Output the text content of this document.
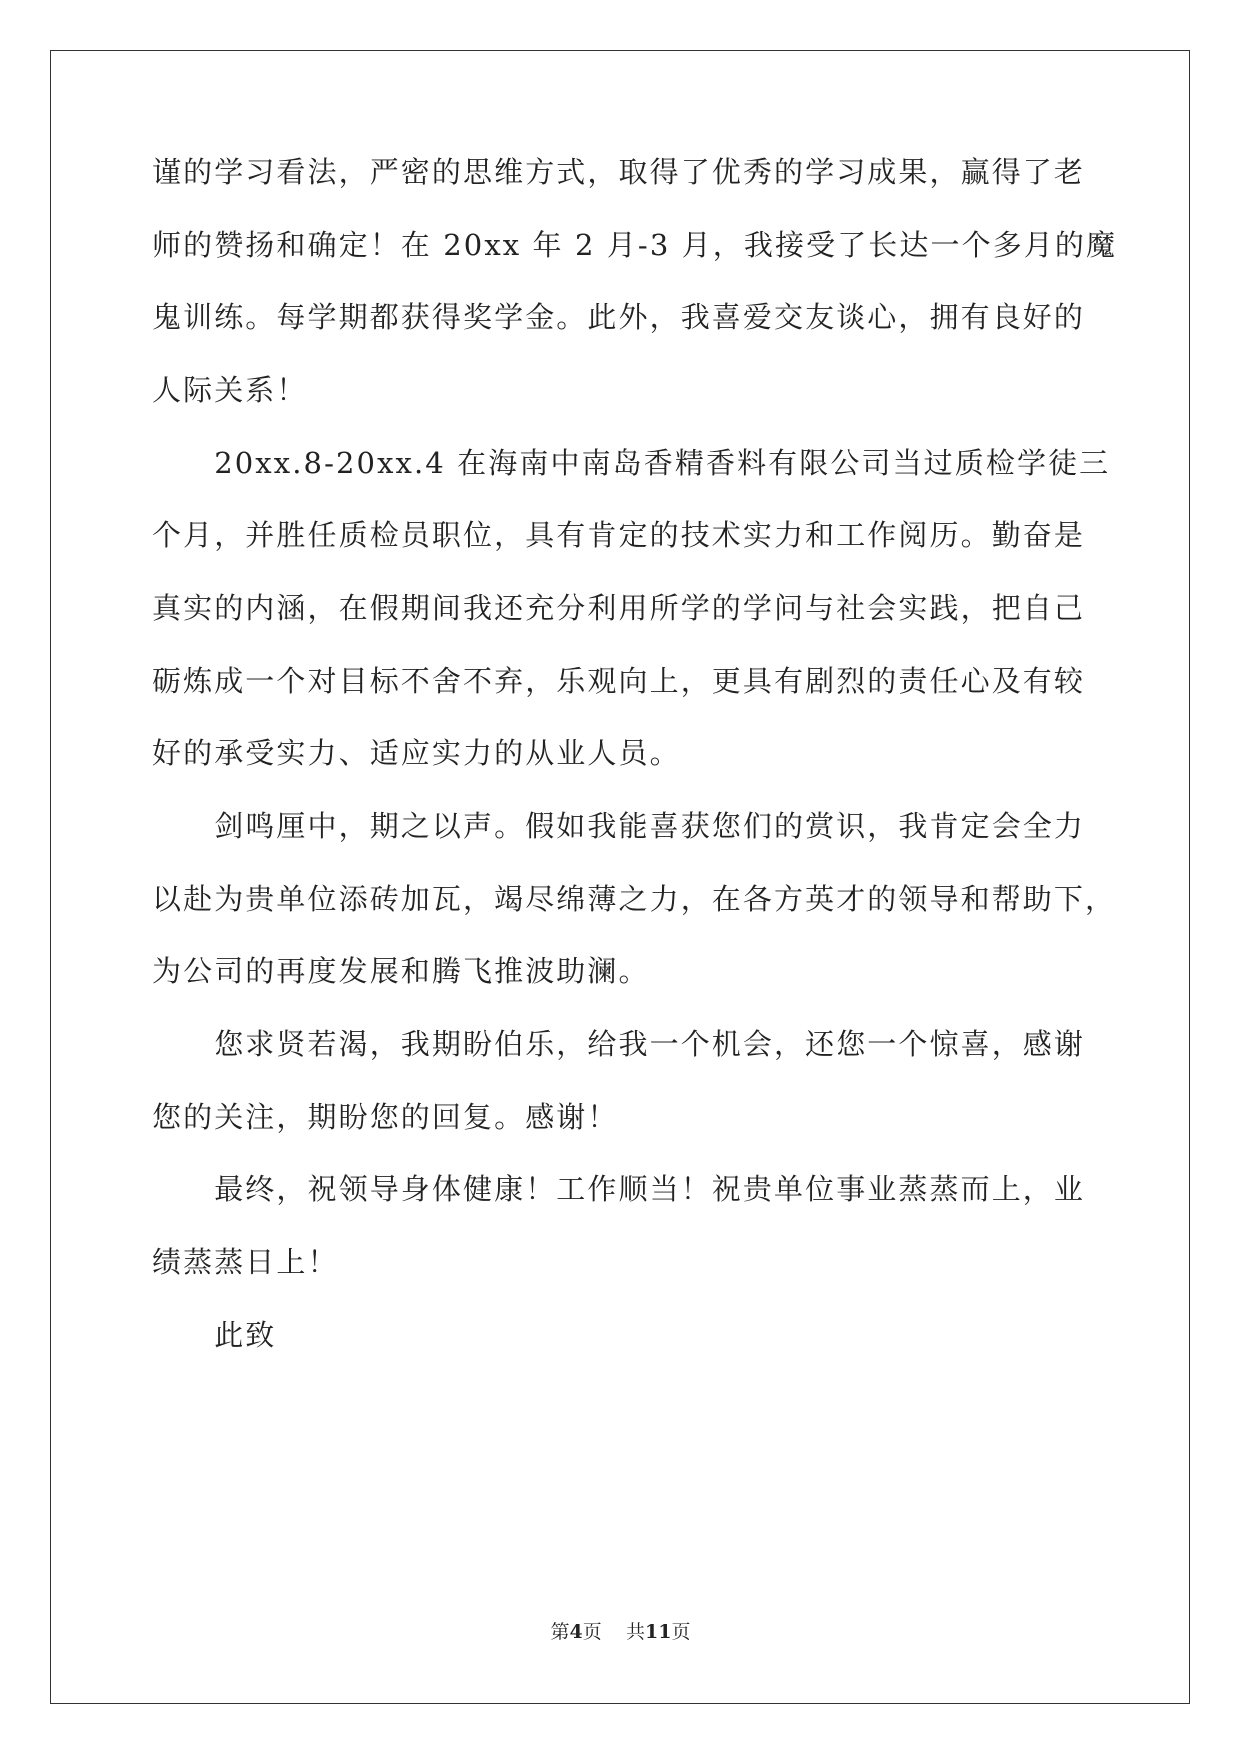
谨的学习看法，严密的思维方式，取得了优秀的学习成果，赢得了老
师的赞扬和确定！在 20xx 年 2 月-3 月，我接受了长达一个多月的魔
鬼训练。每学期都获得奖学金。此外，我喜爱交友谈心，拥有良好的
人际关系！
　　20xx.8-20xx.4 在海南中南岛香精香料有限公司当过质检学徒三
个月，并胜任质检员职位，具有肯定的技术实力和工作阅历。勤奋是
真实的内涵，在假期间我还充分利用所学的学问与社会实践，把自己
砺炼成一个对目标不舍不弃，乐观向上，更具有剧烈的责任心及有较
好的承受实力、适应实力的从业人员。
　　剑鸣厘中，期之以声。假如我能喜获您们的赏识，我肯定会全力
以赴为贵单位添砖加瓦，竭尽绵薄之力，在各方英才的领导和帮助下，
为公司的再度发展和腾飞推波助澜。
　　您求贤若渴，我期盼伯乐，给我一个机会，还您一个惊喜，感谢
您的关注，期盼您的回复。感谢！
　　最终，祝领导身体健康！工作顺当！祝贵单位事业蒸蒸而上，业
绩蒸蒸日上！
　　此致
第4页 共11页
